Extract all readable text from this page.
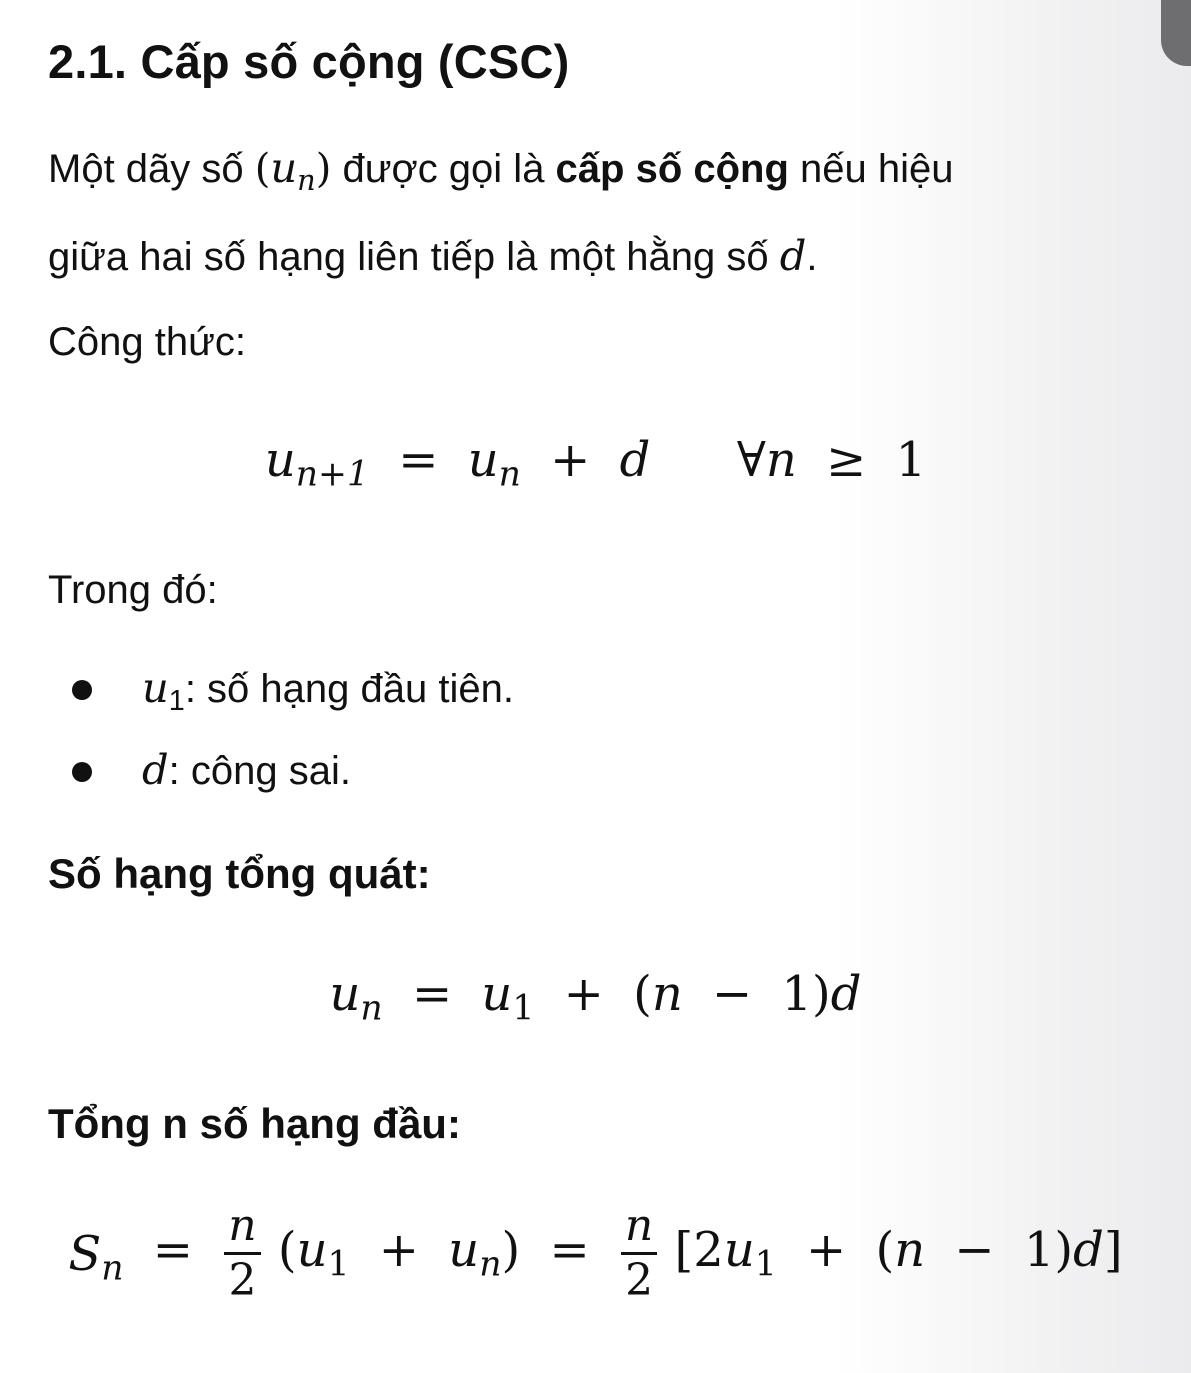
2.1. Cấp số cộng (CSC)
Một dãy số $(u_n)$ được gọi là cấp số cộng nếu hiệu
giữa hai số hạng liên tiếp là một hằng số d.
Công thức:
$u_{n+1} = u_n + d$ ∀n ≥ 1
Trong đó:
$u_1$: số hạng đầu tiên.
d: công sai.
Số hạng tổng quát:
$u_n = u_1 + (n - 1)d$
Tổng n số hạng đầu:
$S_n = \frac{n}{2} (u_1 + u_n) = \frac{n}{2} [2u_1 + (n - 1)d]$
